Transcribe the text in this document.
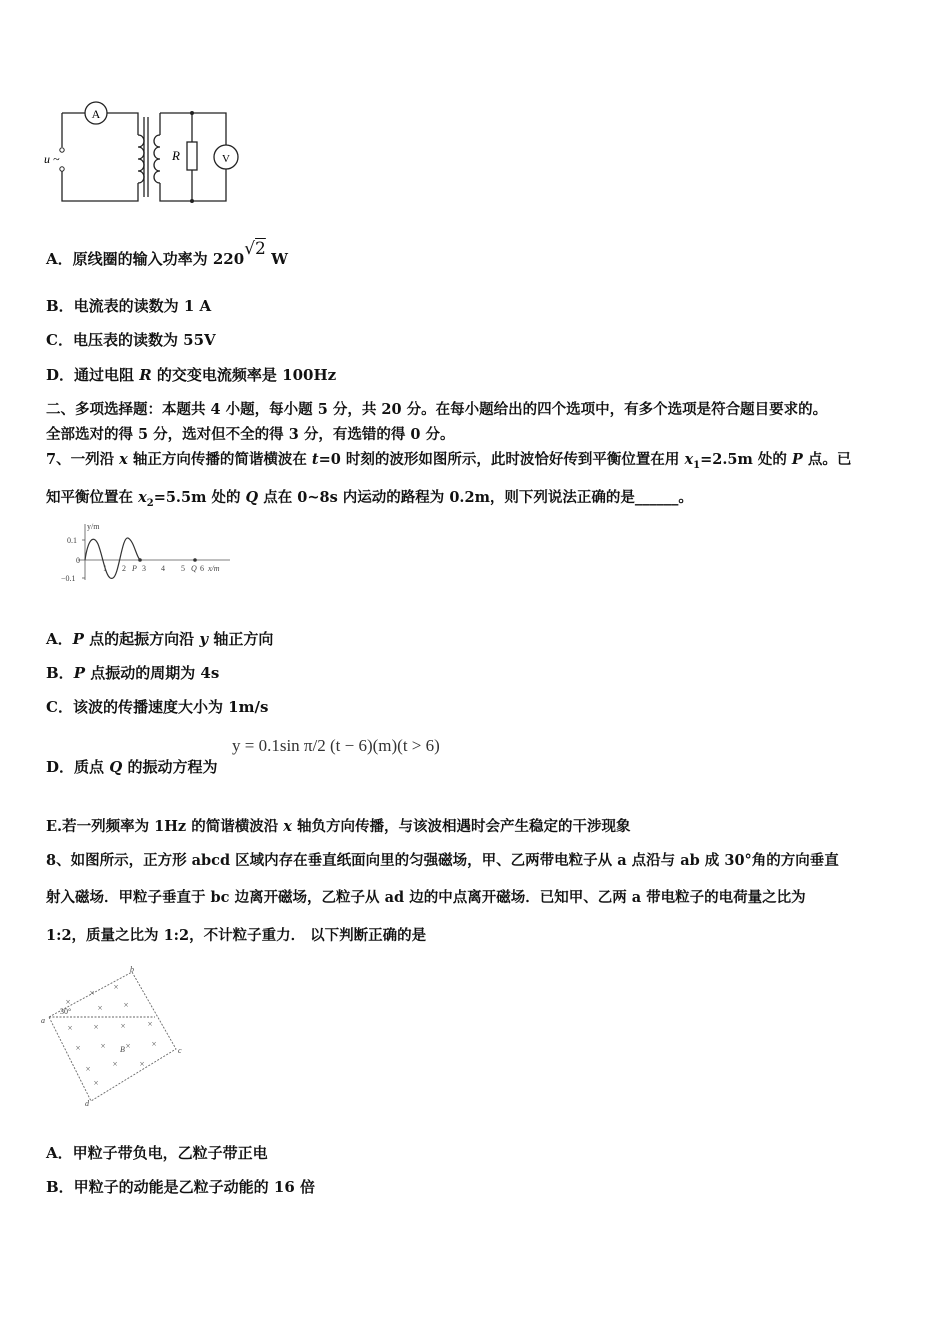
A
V
R
u ~
A．原线圈的输入功率为 220√2 W
B．电流表的读数为 1 A
C．电压表的读数为 55V
D．通过电阻 R 的交变电流频率是 100Hz
二、多项选择题：本题共 4 小题，每小题 5 分，共 20 分。在每小题给出的四个选项中，有多个选项是符合题目要求的。
全部选对的得 5 分，选对但不全的得 3 分，有选错的得 0 分。
7、一列沿 x 轴正方向传播的简谐横波在 t=0 时刻的波形如图所示，此时波恰好传到平衡位置在用 $x_1=2.5m$ 处的 P 点。已
知平衡位置在 $x_2=5.5m$ 处的 Q 点在 0~8s 内运动的路程为 0.2m，则下列说法正确的是______。
y/m
0.1
0
−0.1
1 2 3 4 5 6
P	Q x/m
A．P 点的起振方向沿 y 轴正方向
B．P 点振动的周期为 4s
C．该波的传播速度大小为 1m/s
D．质点 Q 的振动方程为
y = 0.1sin π/2 (t − 6)(m)(t > 6)
E.若一列频率为 1Hz 的简谐横波沿 x 轴负方向传播，与该波相遇时会产生稳定的干涉现象
8、如图所示，正方形 abcd 区域内存在垂直纸面向里的匀强磁场，甲、乙两带电粒子从 a 点沿与 ab 成 30°角的方向垂直
射入磁场．甲粒子垂直于 bc 边离开磁场，乙粒子从 ad 边的中点离开磁场．已知甲、乙两 a 带电粒子的电荷量之比为
1:2，质量之比为 1:2，不计粒子重力． 以下判断正确的是
×
×
×
× ×
× × × ×
× × × ×
× × ×
×
a
b
c
d
B
30°
A．甲粒子带负电，乙粒子带正电
B．甲粒子的动能是乙粒子动能的 16 倍
